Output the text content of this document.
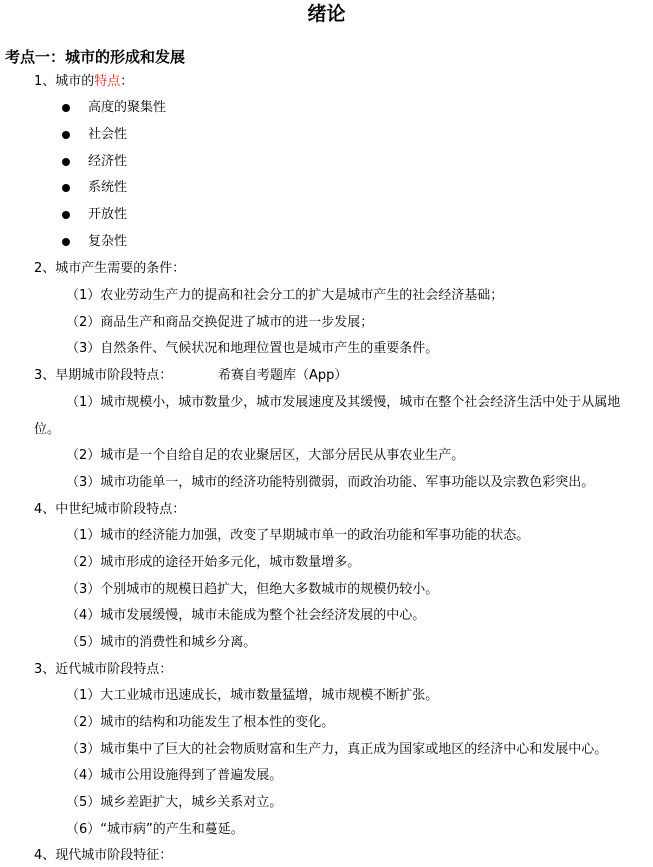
绪论
考点一：城市的形成和发展
1、城市的特点：
高度的聚集性
社会性
经济性
系统性
开放性
复杂性
2、城市产生需要的条件：
（1）农业劳动生产力的提高和社会分工的扩大是城市产生的社会经济基础；
（2）商品生产和商品交换促进了城市的进一步发展；
（3）自然条件、气候状况和地理位置也是城市产生的重要条件。
3、早期城市阶段特点：	希赛自考题库（App）
（1）城市规模小，城市数量少，城市发展速度及其缓慢，城市在整个社会经济生活中处于从属地
位。
（2）城市是一个自给自足的农业聚居区，大部分居民从事农业生产。
（3）城市功能单一，城市的经济功能特别微弱，而政治功能、军事功能以及宗教色彩突出。
4、中世纪城市阶段特点：
（1）城市的经济能力加强，改变了早期城市单一的政治功能和军事功能的状态。
（2）城市形成的途径开始多元化，城市数量增多。
（3）个别城市的规模日趋扩大，但绝大多数城市的规模仍较小。
（4）城市发展缓慢，城市未能成为整个社会经济发展的中心。
（5）城市的消费性和城乡分离。
3、近代城市阶段特点：
（1）大工业城市迅速成长，城市数量猛增，城市规模不断扩张。
（2）城市的结构和功能发生了根本性的变化。
（3）城市集中了巨大的社会物质财富和生产力，真正成为国家或地区的经济中心和发展中心。
（4）城市公用设施得到了普遍发展。
（5）城乡差距扩大，城乡关系对立。
（6）“城市病”的产生和蔓延。
4、现代城市阶段特征：
